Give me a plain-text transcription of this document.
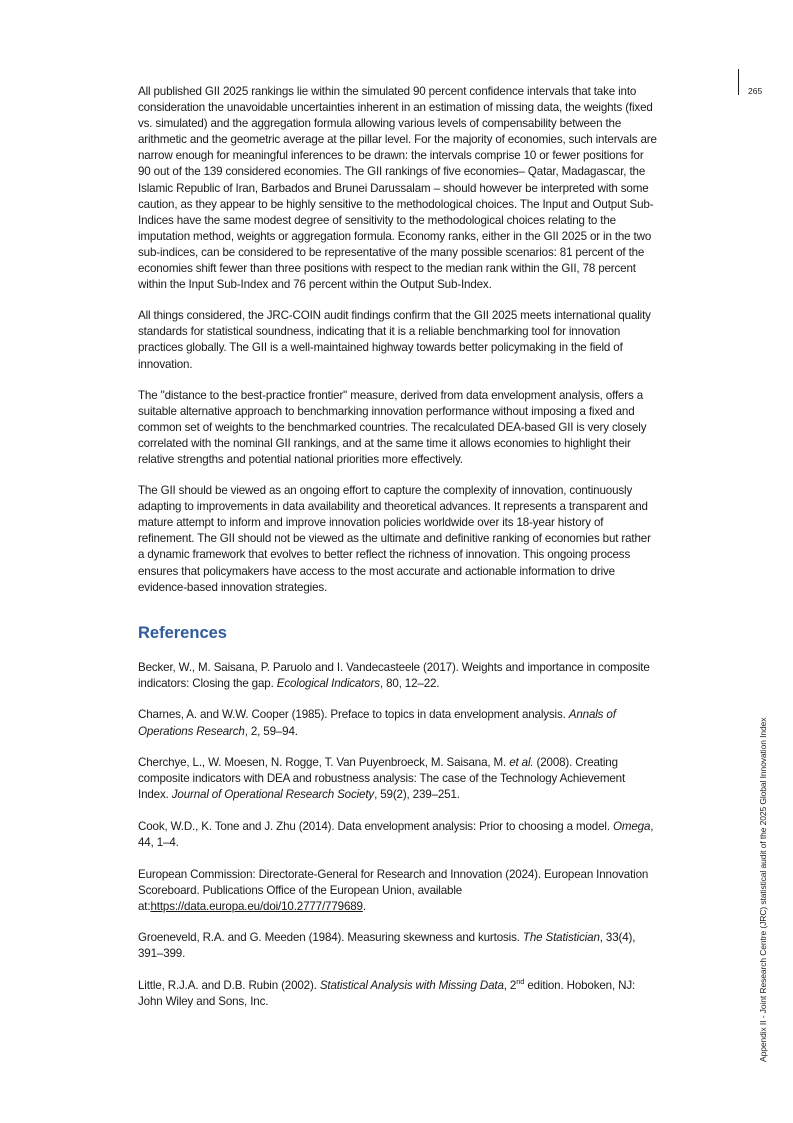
265

All published GII 2025 rankings lie within the simulated 90 percent confidence intervals that take into consideration the unavoidable uncertainties inherent in an estimation of missing data, the weights (fixed vs. simulated) and the aggregation formula allowing various levels of compensability between the arithmetic and the geometric average at the pillar level. For the majority of economies, such intervals are narrow enough for meaningful inferences to be drawn: the intervals comprise 10 or fewer positions for 90 out of the 139 considered economies. The GII rankings of five economies– Qatar, Madagascar, the Islamic Republic of Iran, Barbados and Brunei Darussalam – should however be interpreted with some caution, as they appear to be highly sensitive to the methodological choices. The Input and Output Sub-Indices have the same modest degree of sensitivity to the methodological choices relating to the imputation method, weights or aggregation formula. Economy ranks, either in the GII 2025 or in the two sub-indices, can be considered to be representative of the many possible scenarios: 81 percent of the economies shift fewer than three positions with respect to the median rank within the GII, 78 percent within the Input Sub-Index and 76 percent within the Output Sub-Index.

All things considered, the JRC-COIN audit findings confirm that the GII 2025 meets international quality standards for statistical soundness, indicating that it is a reliable benchmarking tool for innovation practices globally. The GII is a well-maintained highway towards better policymaking in the field of innovation.

The "distance to the best-practice frontier" measure, derived from data envelopment analysis, offers a suitable alternative approach to benchmarking innovation performance without imposing a fixed and common set of weights to the benchmarked countries. The recalculated DEA-based GII is very closely correlated with the nominal GII rankings, and at the same time it allows economies to highlight their relative strengths and potential national priorities more effectively.

The GII should be viewed as an ongoing effort to capture the complexity of innovation, continuously adapting to improvements in data availability and theoretical advances. It represents a transparent and mature attempt to inform and improve innovation policies worldwide over its 18-year history of refinement. The GII should not be viewed as the ultimate and definitive ranking of economies but rather a dynamic framework that evolves to better reflect the richness of innovation. This ongoing process ensures that policymakers have access to the most accurate and actionable information to drive evidence-based innovation strategies.

References

Becker, W., M. Saisana, P. Paruolo and I. Vandecasteele (2017). Weights and importance in composite indicators: Closing the gap. Ecological Indicators, 80, 12–22.

Charnes, A. and W.W. Cooper (1985). Preface to topics in data envelopment analysis. Annals of Operations Research, 2, 59–94.

Cherchye, L., W. Moesen, N. Rogge, T. Van Puyenbroeck, M. Saisana, M. et al. (2008). Creating composite indicators with DEA and robustness analysis: The case of the Technology Achievement Index. Journal of Operational Research Society, 59(2), 239–251.

Cook, W.D., K. Tone and J. Zhu (2014). Data envelopment analysis: Prior to choosing a model. Omega, 44, 1–4.

European Commission: Directorate-General for Research and Innovation (2024). European Innovation Scoreboard. Publications Office of the European Union, available at:https://data.europa.eu/doi/10.2777/779689.

Groeneveld, R.A. and G. Meeden (1984). Measuring skewness and kurtosis. The Statistician, 33(4), 391–399.

Little, R.J.A. and D.B. Rubin (2002). Statistical Analysis with Missing Data, 2nd edition. Hoboken, NJ: John Wiley and Sons, Inc.	Appendix II - Joint Research Centre (JRC) statistical audit of the 2025 Global Innovation Index
